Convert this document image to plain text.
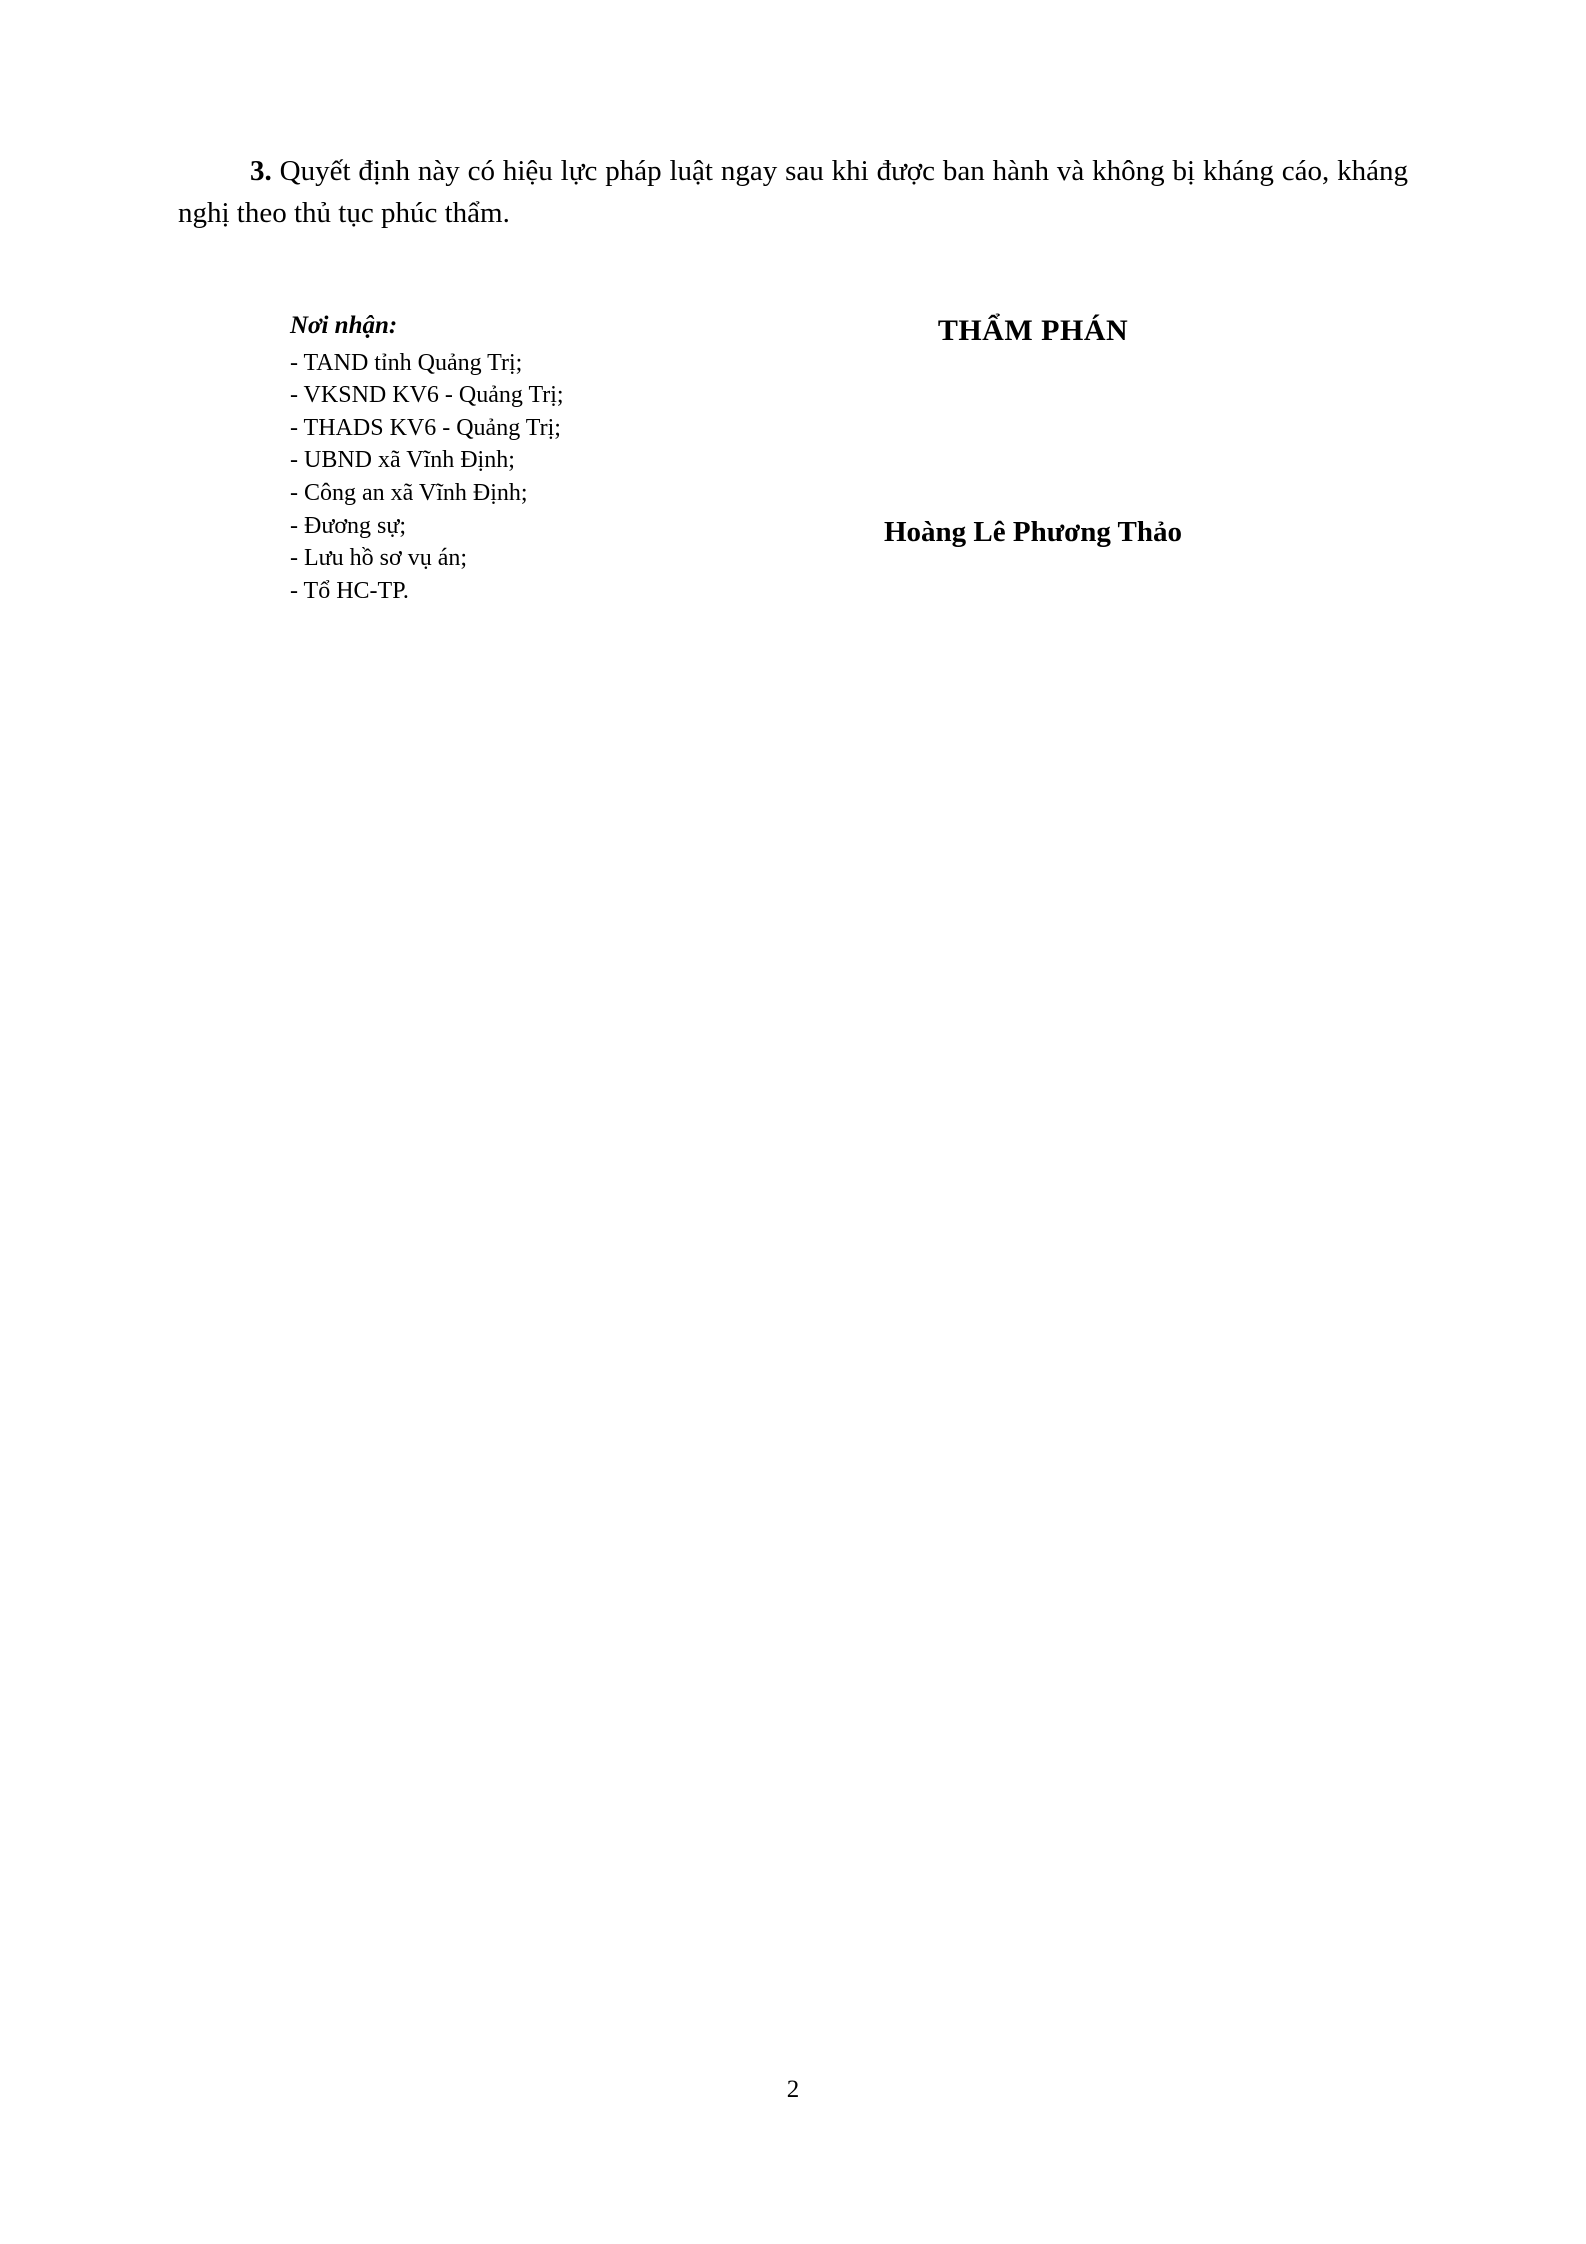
3. Quyết định này có hiệu lực pháp luật ngay sau khi được ban hành và không bị kháng cáo, kháng nghị theo thủ tục phúc thẩm.

Nơi nhận:
- TAND tỉnh Quảng Trị;
- VKSND KV6 - Quảng Trị;
- THADS KV6 - Quảng Trị;
- UBND xã Vĩnh Định;
- Công an xã Vĩnh Định;
- Đương sự;
- Lưu hồ sơ vụ án;
- Tổ HC-TP.

THẨM PHÁN

Hoàng Lê Phương Thảo

2
